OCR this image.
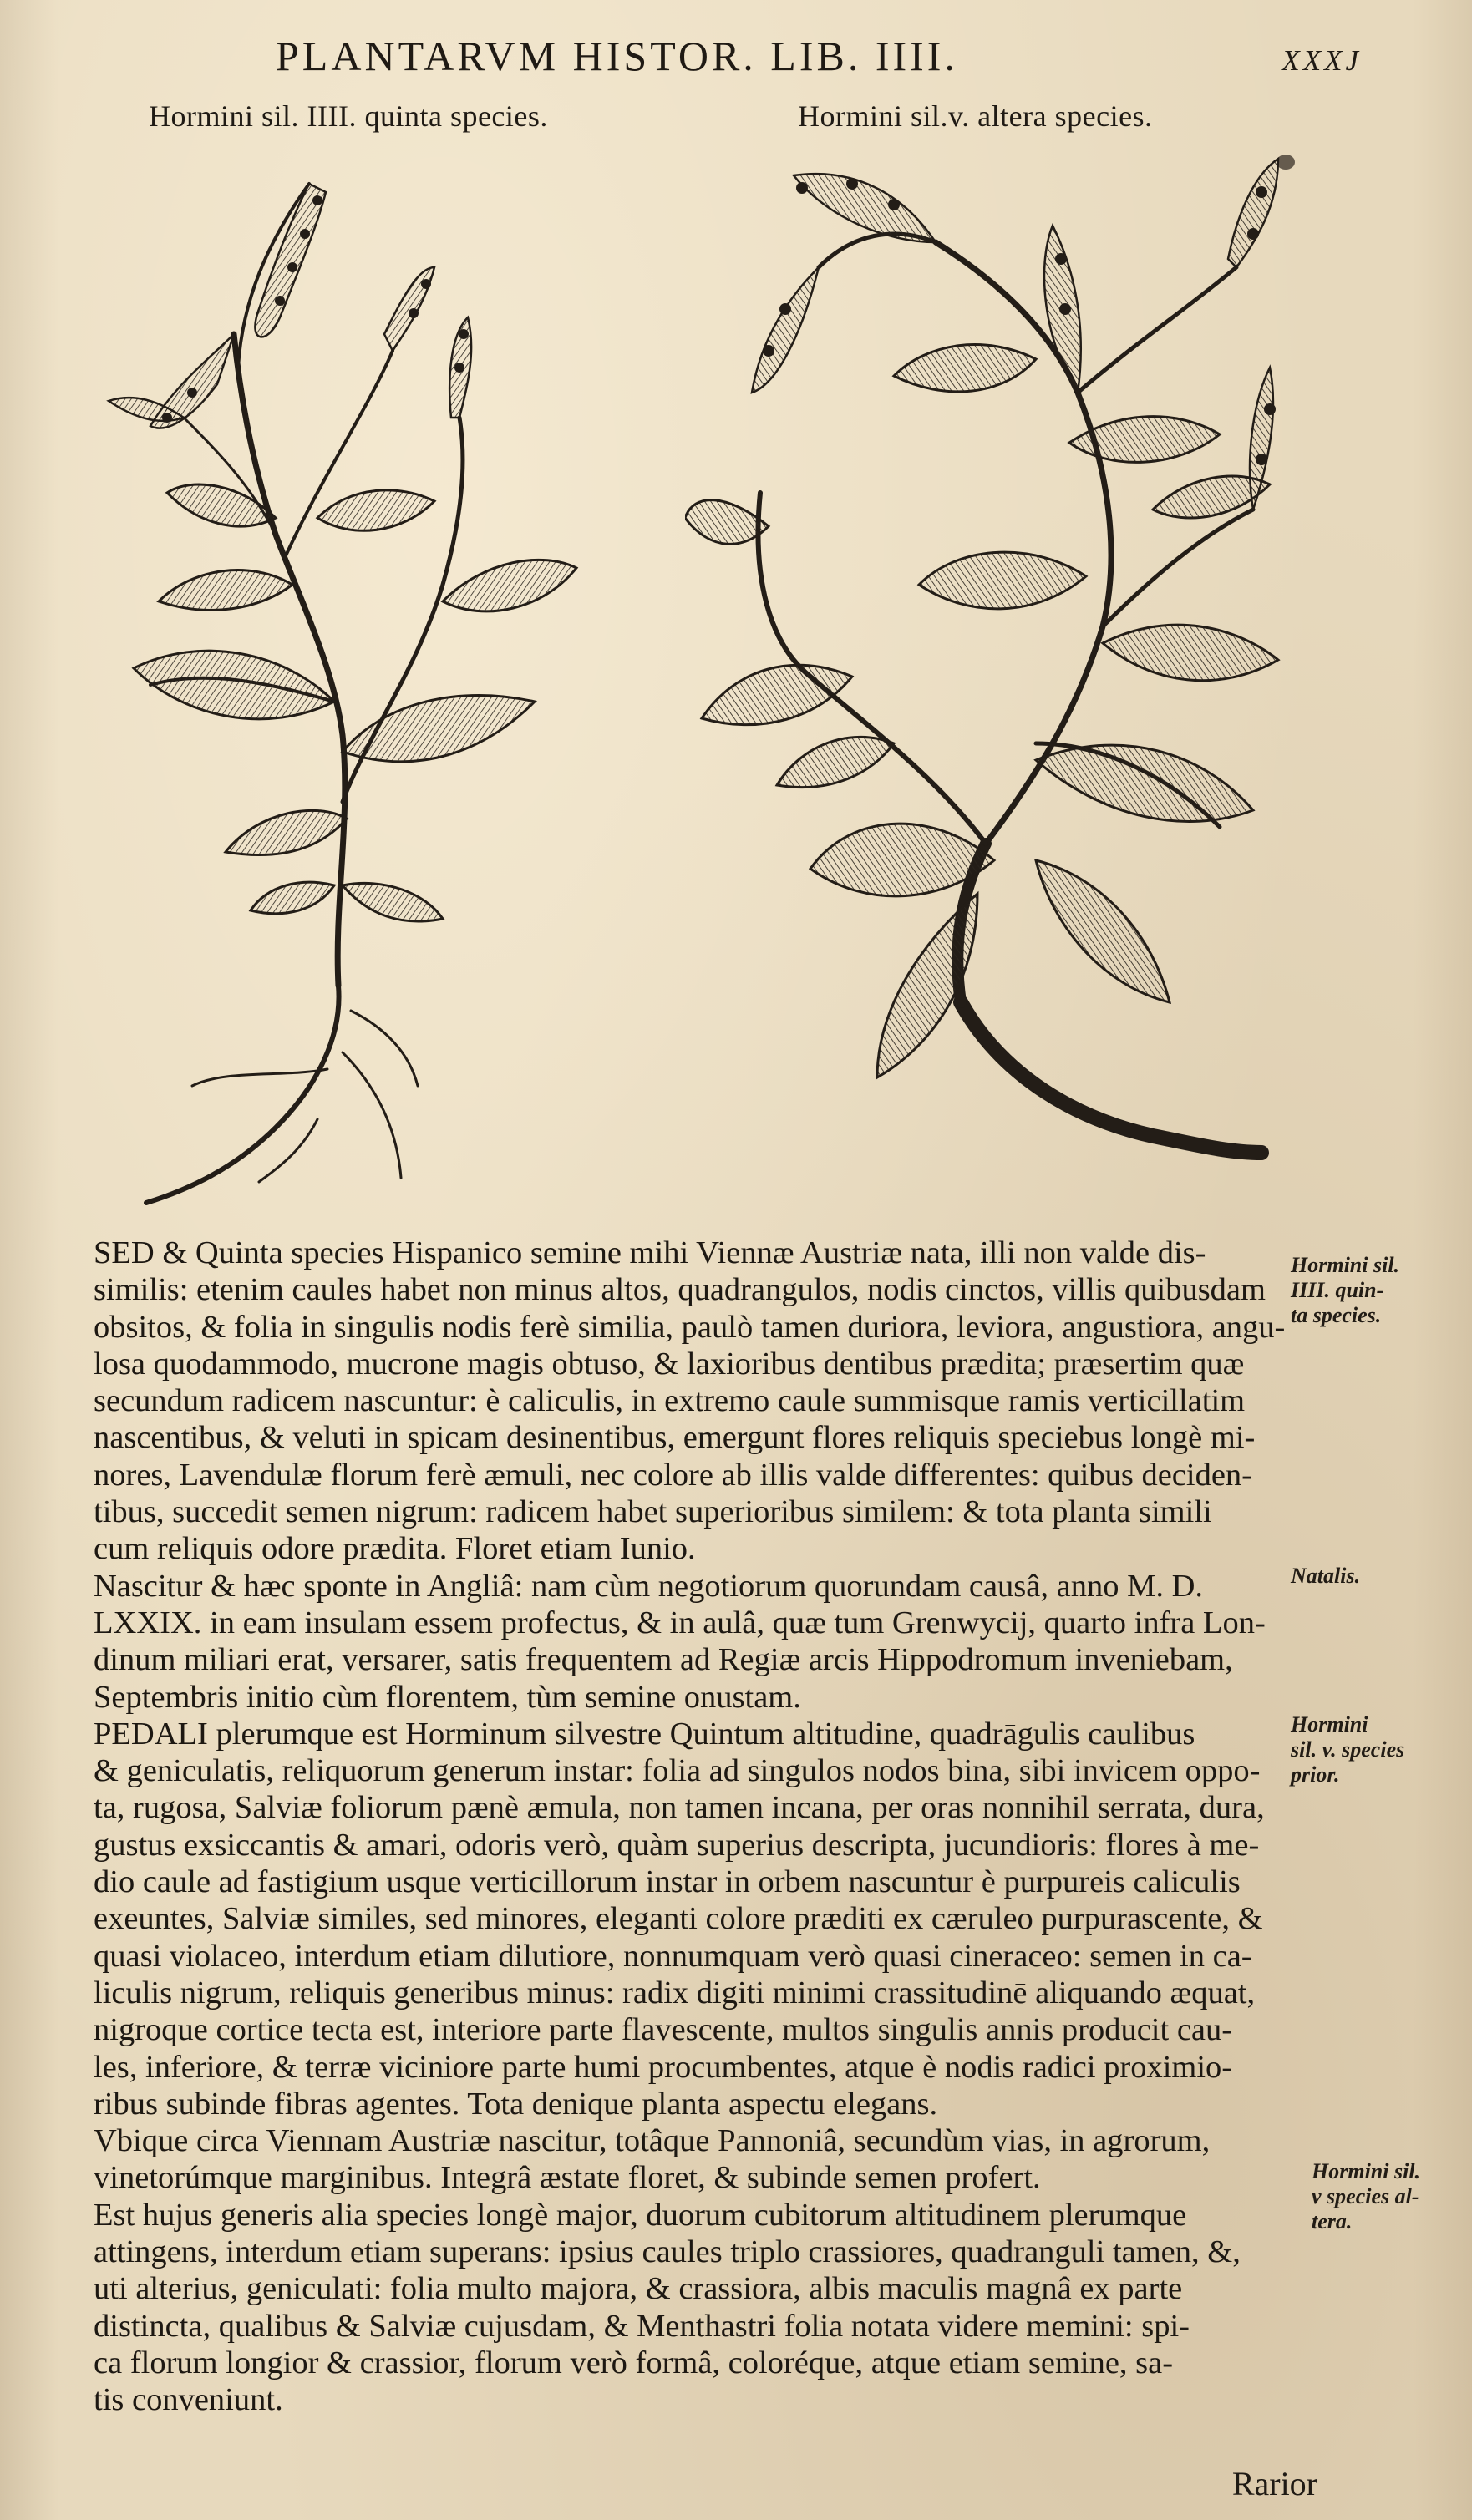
PLANTARVM HISTOR. LIB. IIII.	xxxj
Hormini sil. IIII. quinta species.	Hormini sil.v. altera species.
SED & Quinta species Hispanico semine mihi Viennæ Austriæ nata, illi non valde dis-
similis: etenim caules habet non minus altos, quadrangulos, nodis cinctos, villis quibusdam
obsitos, & folia in singulis nodis ferè similia, paulò tamen duriora, leviora, angustiora, angu-
losa quodammodo, mucrone magis obtuso, & laxioribus dentibus prædita; præsertim quæ
secundum radicem nascuntur: è caliculis, in extremo caule summisque ramis verticillatim
nascentibus, & veluti in spicam desinentibus, emergunt flores reliquis speciebus longè mi-
nores, Lavendulæ florum ferè æmuli, nec colore ab illis valde differentes: quibus deciden-
tibus, succedit semen nigrum: radicem habet superioribus similem: & tota planta simili
cum reliquis odore prædita. Floret etiam Iunio.
Nascitur & hæc sponte in Angliâ: nam cùm negotiorum quorundam causâ, anno M. D.
LXXIX. in eam insulam essem profectus, & in aulâ, quæ tum Grenwycij, quarto infra Lon-
dinum miliari erat, versarer, satis frequentem ad Regiæ arcis Hippodromum inveniebam,
Septembris initio cùm florentem, tùm semine onustam.
PEDALI plerumque est Horminum silvestre Quintum altitudine, quadrāgulis caulibus
& geniculatis, reliquorum generum instar: folia ad singulos nodos bina, sibi invicem oppo-
ta, rugosa, Salviæ foliorum pænè æmula, non tamen incana, per oras nonnihil serrata, dura,
gustus exsiccantis & amari, odoris verò, quàm superius descripta, jucundioris: flores à me-
dio caule ad fastigium usque verticillorum instar in orbem nascuntur è purpureis caliculis
exeuntes, Salviæ similes, sed minores, eleganti colore præditi ex cæruleo purpurascente, &
quasi violaceo, interdum etiam dilutiore, nonnumquam verò quasi cineraceo: semen in ca-
liculis nigrum, reliquis generibus minus: radix digiti minimi crassitudinē aliquando æquat,
nigroque cortice tecta est, interiore parte flavescente, multos singulis annis producit cau-
les, inferiore, & terræ viciniore parte humi procumbentes, atque è nodis radici proximio-
ribus subinde fibras agentes. Tota denique planta aspectu elegans.
Vbique circa Viennam Austriæ nascitur, totâque Pannoniâ, secundùm vias, in agrorum,
vinetorúmque marginibus. Integrâ æstate floret, & subinde semen profert.
Est hujus generis alia species longè major, duorum cubitorum altitudinem plerumque
attingens, interdum etiam superans: ipsius caules triplo crassiores, quadranguli tamen, &,
uti alterius, geniculati: folia multo majora, & crassiora, albis maculis magnâ ex parte
distincta, qualibus & Salviæ cujusdam, & Menthastri folia notata videre memini: spi-
ca florum longior & crassior, florum verò formâ, coloréque, atque etiam semine, sa-
tis conveniunt.
Hormini sil.
IIII. quin-
ta species.
Natalis.
Hormini
sil. v. species
prior.
Hormini sil.
v species al-
tera.
Rarior
